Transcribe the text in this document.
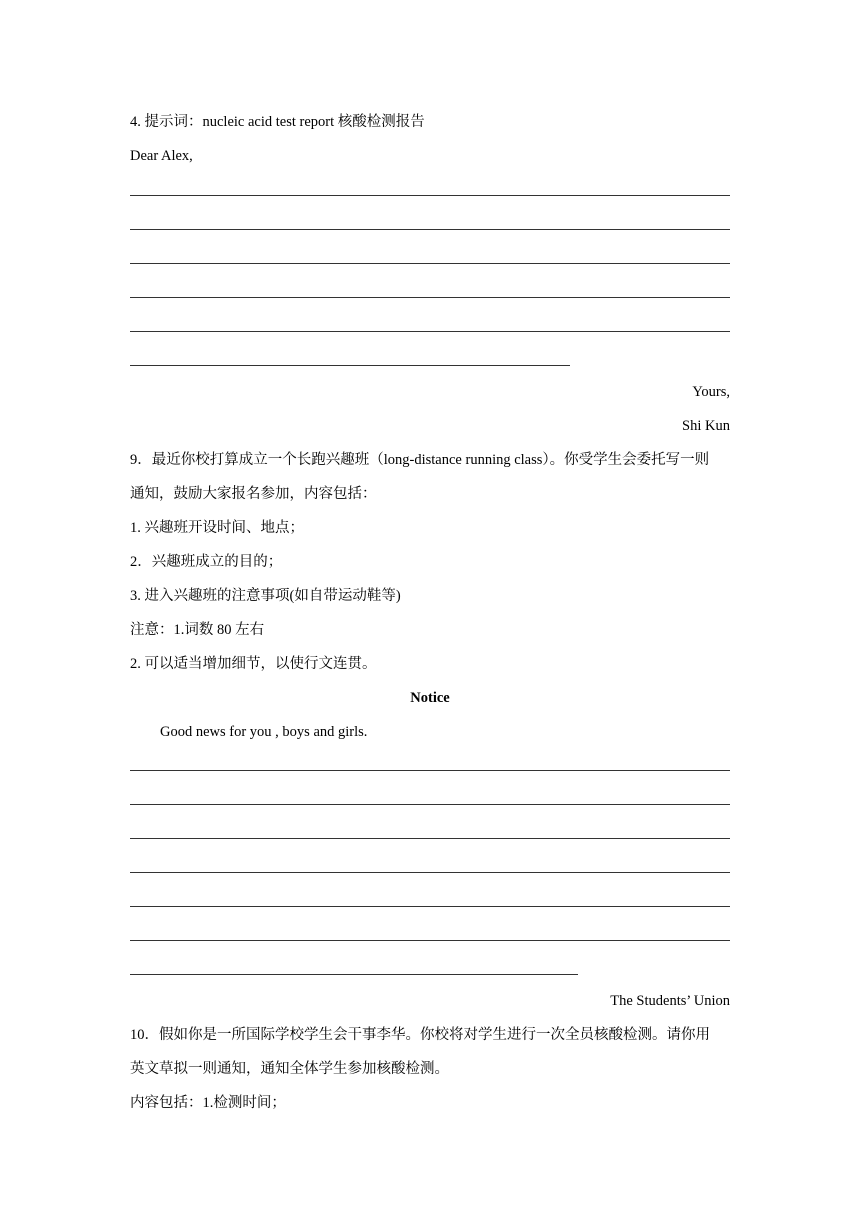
4. 提示词：nucleic acid test report 核酸检测报告
Dear Alex,
Yours,
Shi Kun
9．最近你校打算成立一个长跑兴趣班（long-distance running class）。你受学生会委托写一则
通知，鼓励大家报名参加，内容包括：
1. 兴趣班开设时间、地点；
2．兴趣班成立的目的；
3. 进入兴趣班的注意事项(如自带运动鞋等)
注意：1.词数 80 左右
2. 可以适当增加细节，以使行文连贯。
Notice
Good news for you , boys and girls.
The Students’ Union
10．假如你是一所国际学校学生会干事李华。你校将对学生进行一次全员核酸检测。请你用
英文草拟一则通知，通知全体学生参加核酸检测。
内容包括：1.检测时间；
